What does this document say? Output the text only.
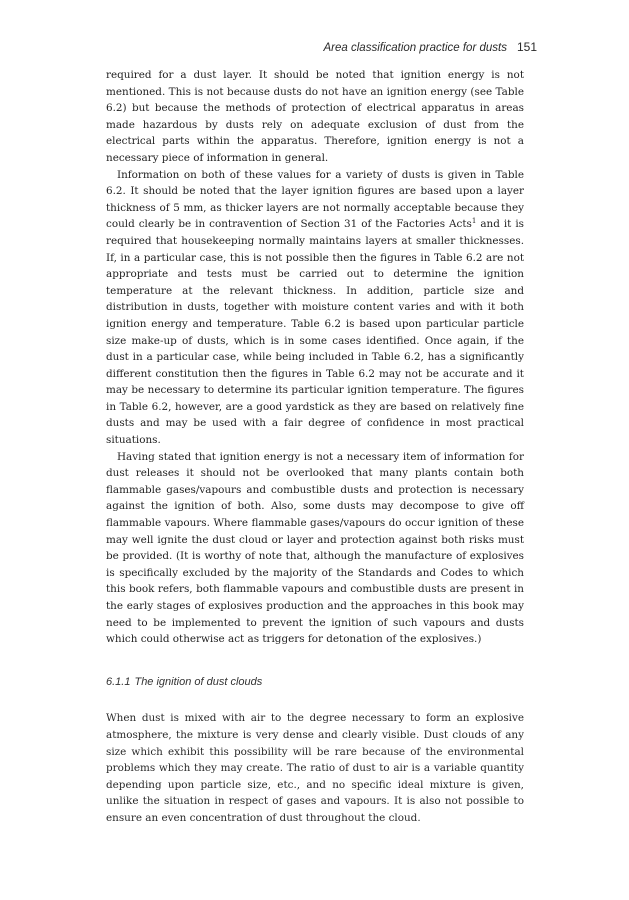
Area classification practice for dusts 151

required for a dust layer. It should be noted that ignition energy is not mentioned. This is not because dusts do not have an ignition energy (see Table 6.2) but because the methods of protection of electrical apparatus in areas made hazardous by dusts rely on adequate exclusion of dust from the electrical parts within the apparatus. Therefore, ignition energy is not a necessary piece of information in general.

Information on both of these values for a variety of dusts is given in Table 6.2. It should be noted that the layer ignition figures are based upon a layer thickness of 5 mm, as thicker layers are not normally acceptable because they could clearly be in contravention of Section 31 of the Factories Acts$^1$ and it is required that housekeeping normally maintains layers at smaller thicknesses. If, in a particular case, this is not possible then the figures in Table 6.2 are not appropriate and tests must be carried out to determine the ignition temperature at the relevant thickness. In addition, particle size and distribution in dusts, together with moisture content varies and with it both ignition energy and temperature. Table 6.2 is based upon particular particle size make-up of dusts, which is in some cases identified. Once again, if the dust in a particular case, while being included in Table 6.2, has a significantly different constitution then the figures in Table 6.2 may not be accurate and it may be necessary to determine its particular ignition temperature. The figures in Table 6.2, however, are a good yardstick as they are based on relatively fine dusts and may be used with a fair degree of confidence in most practical situations.

Having stated that ignition energy is not a necessary item of information for dust releases it should not be overlooked that many plants contain both flammable gases/vapours and combustible dusts and protection is necessary against the ignition of both. Also, some dusts may decompose to give off flammable vapours. Where flammable gases/vapours do occur ignition of these may well ignite the dust cloud or layer and protection against both risks must be provided. (It is worthy of note that, although the manufacture of explosives is specifically excluded by the majority of the Standards and Codes to which this book refers, both flammable vapours and combustible dusts are present in the early stages of explosives production and the approaches in this book may need to be implemented to prevent the ignition of such vapours and dusts which could otherwise act as triggers for detonation of the explosives.)

6.1.1 The ignition of dust clouds

When dust is mixed with air to the degree necessary to form an explosive atmosphere, the mixture is very dense and clearly visible. Dust clouds of any size which exhibit this possibility will be rare because of the environmental problems which they may create. The ratio of dust to air is a variable quantity depending upon particle size, etc., and no specific ideal mixture is given, unlike the situation in respect of gases and vapours. It is also not possible to ensure an even concentration of dust throughout the cloud.
